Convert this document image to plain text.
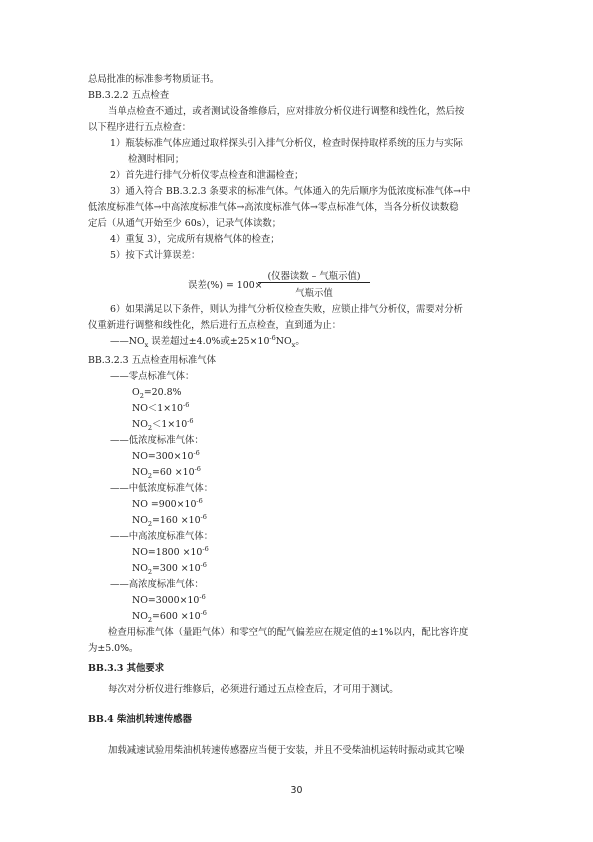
总局批准的标准参考物质证书。
BB.3.2.2 五点检查
当单点检查不通过，或者测试设备维修后，应对排放分析仪进行调整和线性化，然后按
以下程序进行五点检查：
1）瓶装标准气体应通过取样探头引入排气分析仪，检查时保持取样系统的压力与实际
检测时相同；
2）首先进行排气分析仪零点检查和泄漏检查；
3）通入符合 BB.3.2.3 条要求的标准气体。气体通入的先后顺序为低浓度标准气体→中
低浓度标准气体→中高浓度标准气体→高浓度标准气体→零点标准气体，当各分析仪读数稳
定后（从通气开始至少 60s），记录气体读数；
4）重复 3），完成所有规格气体的检查；
5）按下式计算误差：
误差(%) = 100×
(仪器读数 – 气瓶示值)
气瓶示值
6）如果满足以下条件，则认为排气分析仪检查失败，应锁止排气分析仪，需要对分析
仪重新进行调整和线性化，然后进行五点检查，直到通为止：
$——NO_x$ 误差超过±4.0%或$\pm 25\times 10^{-6}NO_x$。
BB.3.2.3 五点检查用标准气体
——零点标准气体：
$O_2=20.8\%$
$NO<1\times 10^{-6}$
$NO_2<1\times 10^{-6}$
——低浓度标准气体：
$NO=300\times 10^{-6}$
$NO_2=60 \times 10^{-6}$
——中低浓度标准气体：
NO $=900\times 10^{-6}$
$NO_2=160 \times 10^{-6}$
——中高浓度标准气体：
$NO=1800 \times 10^{-6}$
$NO_2=300 \times 10^{-6}$
——高浓度标准气体：
$NO=3000\times 10^{-6}$
$NO_2=600 \times 10^{-6}$
检查用标准气体（量距气体）和零空气的配气偏差应在规定值的±1%以内，配比容许度
为±5.0%。
BB.3.3 其他要求
每次对分析仪进行维修后，必须进行通过五点检查后，才可用于测试。
BB.4 柴油机转速传感器
加载减速试验用柴油机转速传感器应当便于安装，并且不受柴油机运转时振动或其它噪
30
